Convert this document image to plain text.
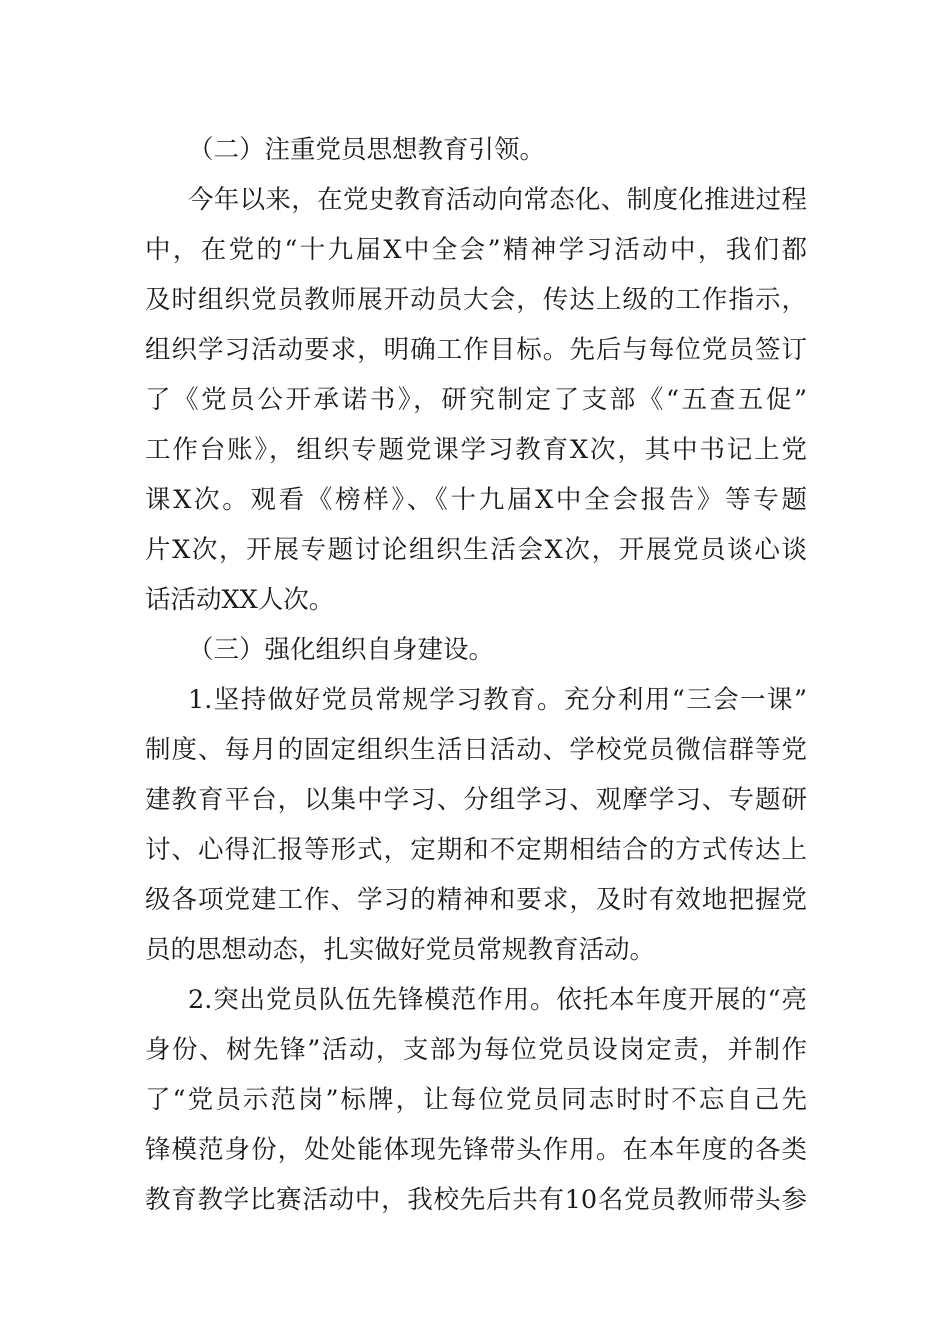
（二）注重党员思想教育引领。
今年以来，在党史教育活动向常态化、制度化推进过程
中，在党的“十九届X中全会”精神学习活动中，我们都
及时组织党员教师展开动员大会，传达上级的工作指示，
组织学习活动要求，明确工作目标。先后与每位党员签订
了《党员公开承诺书》，研究制定了支部《“五查五促”
工作台账》，组织专题党课学习教育X次，其中书记上党
课X次。观看《榜样》、《十九届X中全会报告》等专题
片X次，开展专题讨论组织生活会X次，开展党员谈心谈
话活动XX人次。
（三）强化组织自身建设。
1.坚持做好党员常规学习教育。充分利用“三会一课”
制度、每月的固定组织生活日活动、学校党员微信群等党
建教育平台，以集中学习、分组学习、观摩学习、专题研
讨、心得汇报等形式，定期和不定期相结合的方式传达上
级各项党建工作、学习的精神和要求，及时有效地把握党
员的思想动态，扎实做好党员常规教育活动。
2.突出党员队伍先锋模范作用。依托本年度开展的“亮
身份、树先锋”活动，支部为每位党员设岗定责，并制作
了“党员示范岗”标牌，让每位党员同志时时不忘自己先
锋模范身份，处处能体现先锋带头作用。在本年度的各类
教育教学比赛活动中，我校先后共有10名党员教师带头参
